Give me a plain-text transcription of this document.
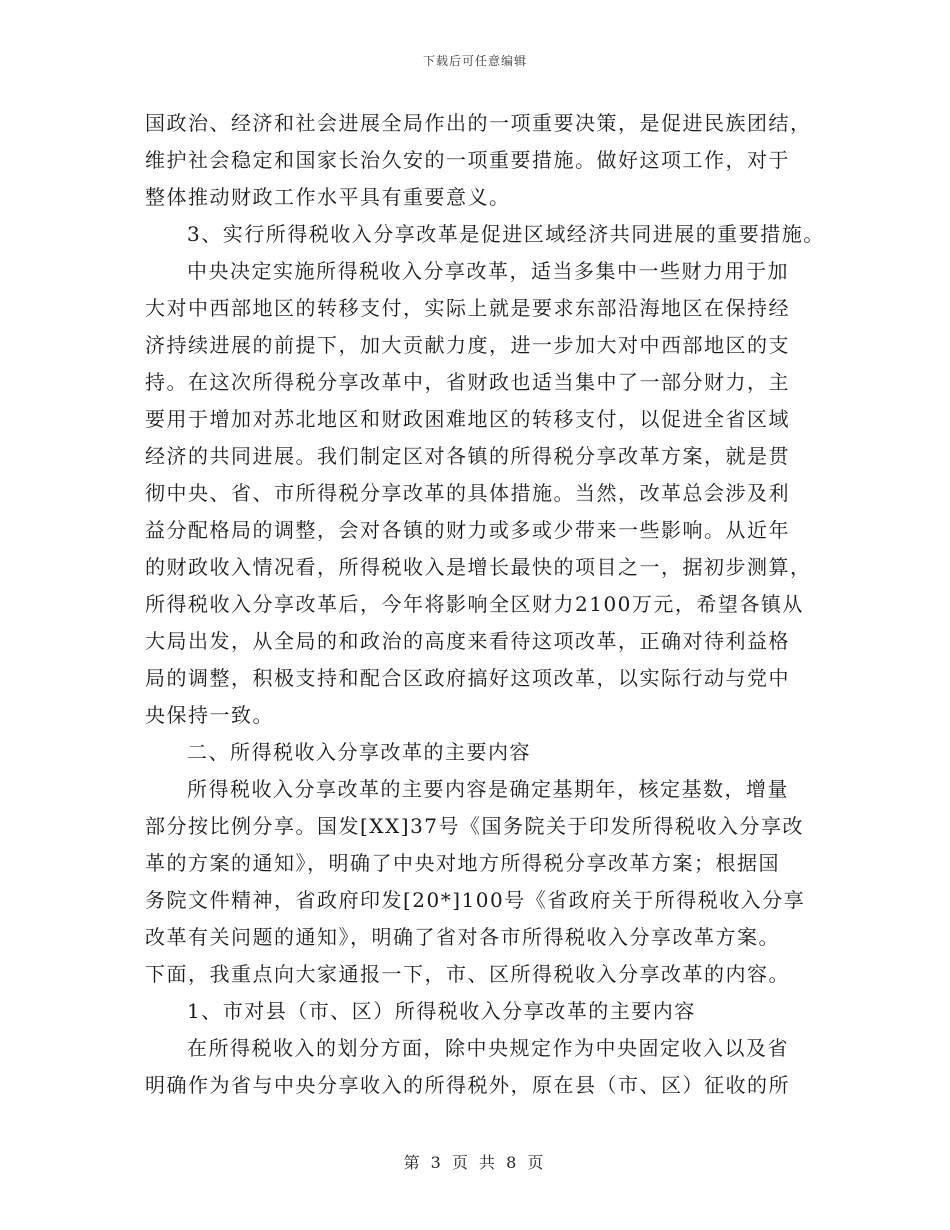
下载后可任意编辑
国政治、经济和社会进展全局作出的一项重要决策，是促进民族团结，
维护社会稳定和国家长治久安的一项重要措施。做好这项工作，对于
整体推动财政工作水平具有重要意义。
3、实行所得税收入分享改革是促进区域经济共同进展的重要措施。
中央决定实施所得税收入分享改革，适当多集中一些财力用于加
大对中西部地区的转移支付，实际上就是要求东部沿海地区在保持经
济持续进展的前提下，加大贡献力度，进一步加大对中西部地区的支
持。在这次所得税分享改革中，省财政也适当集中了一部分财力，主
要用于增加对苏北地区和财政困难地区的转移支付，以促进全省区域
经济的共同进展。我们制定区对各镇的所得税分享改革方案，就是贯
彻中央、省、市所得税分享改革的具体措施。当然，改革总会涉及利
益分配格局的调整，会对各镇的财力或多或少带来一些影响。从近年
的财政收入情况看，所得税收入是增长最快的项目之一，据初步测算，
所得税收入分享改革后，今年将影响全区财力2100万元，希望各镇从
大局出发，从全局的和政治的高度来看待这项改革，正确对待利益格
局的调整，积极支持和配合区政府搞好这项改革，以实际行动与党中
央保持一致。
二、所得税收入分享改革的主要内容
所得税收入分享改革的主要内容是确定基期年，核定基数，增量
部分按比例分享。国发[XX]37号《国务院关于印发所得税收入分享改
革的方案的通知》，明确了中央对地方所得税分享改革方案；根据国
务院文件精神，省政府印发[20*]100号《省政府关于所得税收入分享
改革有关问题的通知》，明确了省对各市所得税收入分享改革方案。
下面，我重点向大家通报一下，市、区所得税收入分享改革的内容。
1、市对县（市、区）所得税收入分享改革的主要内容
在所得税收入的划分方面，除中央规定作为中央固定收入以及省
明确作为省与中央分享收入的所得税外，原在县（市、区）征收的所
第 3 页 共 8 页
